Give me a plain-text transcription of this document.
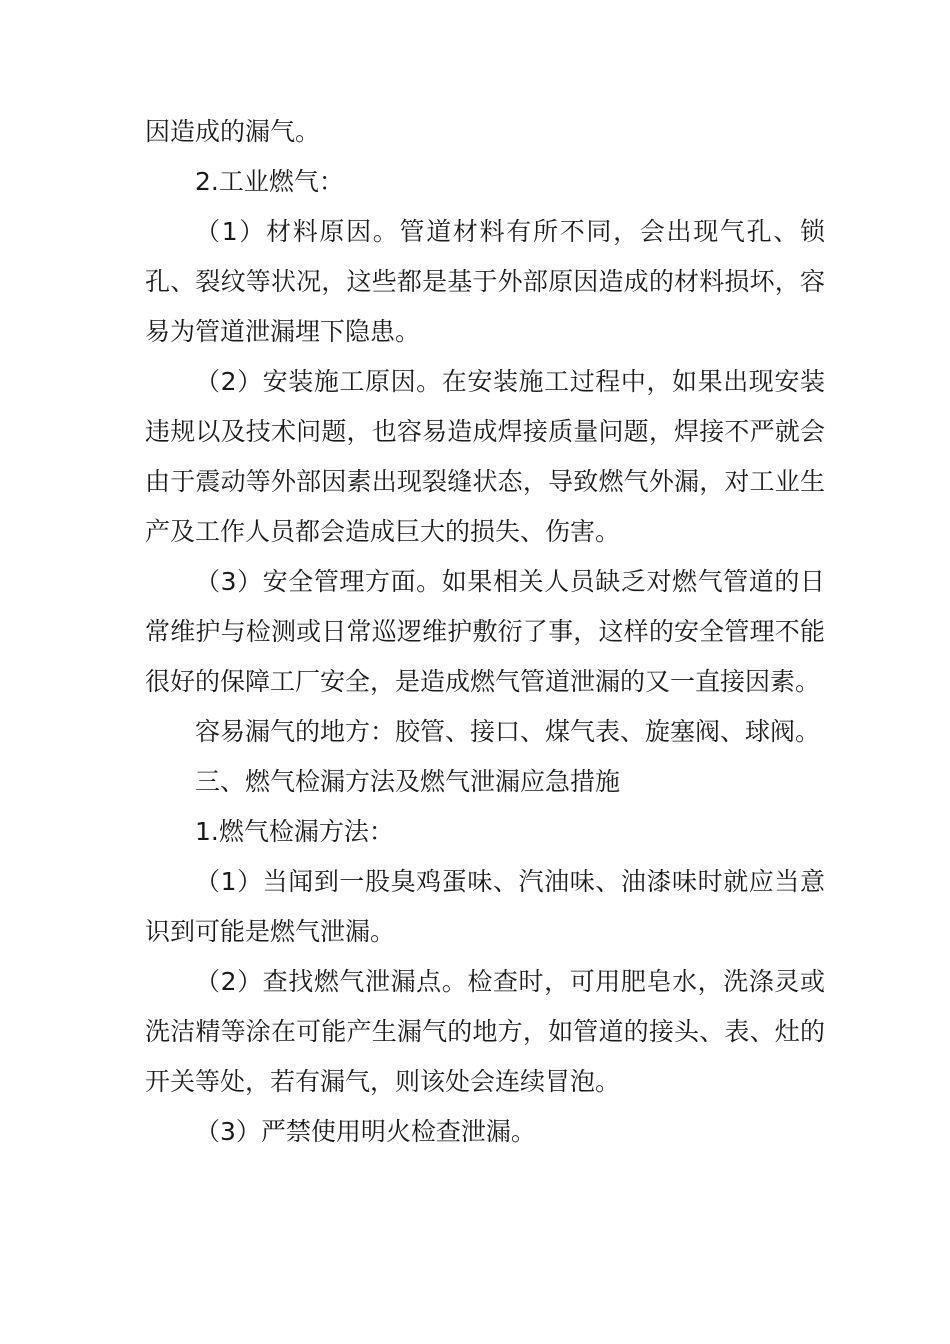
因造成的漏气。

2.工业燃气：

（1）材料原因。管道材料有所不同，会出现气孔、锁孔、裂纹等状况，这些都是基于外部原因造成的材料损坏，容易为管道泄漏埋下隐患。

（2）安装施工原因。在安装施工过程中，如果出现安装违规以及技术问题，也容易造成焊接质量问题，焊接不严就会由于震动等外部因素出现裂缝状态，导致燃气外漏，对工业生产及工作人员都会造成巨大的损失、伤害。

（3）安全管理方面。如果相关人员缺乏对燃气管道的日常维护与检测或日常巡逻维护敷衍了事，这样的安全管理不能很好的保障工厂安全，是造成燃气管道泄漏的又一直接因素。

容易漏气的地方：胶管、接口、煤气表、旋塞阀、球阀。

三、燃气检漏方法及燃气泄漏应急措施

1.燃气检漏方法：

（1）当闻到一股臭鸡蛋味、汽油味、油漆味时就应当意识到可能是燃气泄漏。

（2）查找燃气泄漏点。检查时，可用肥皂水，洗涤灵或洗洁精等涂在可能产生漏气的地方，如管道的接头、表、灶的开关等处，若有漏气，则该处会连续冒泡。

（3）严禁使用明火检查泄漏。
